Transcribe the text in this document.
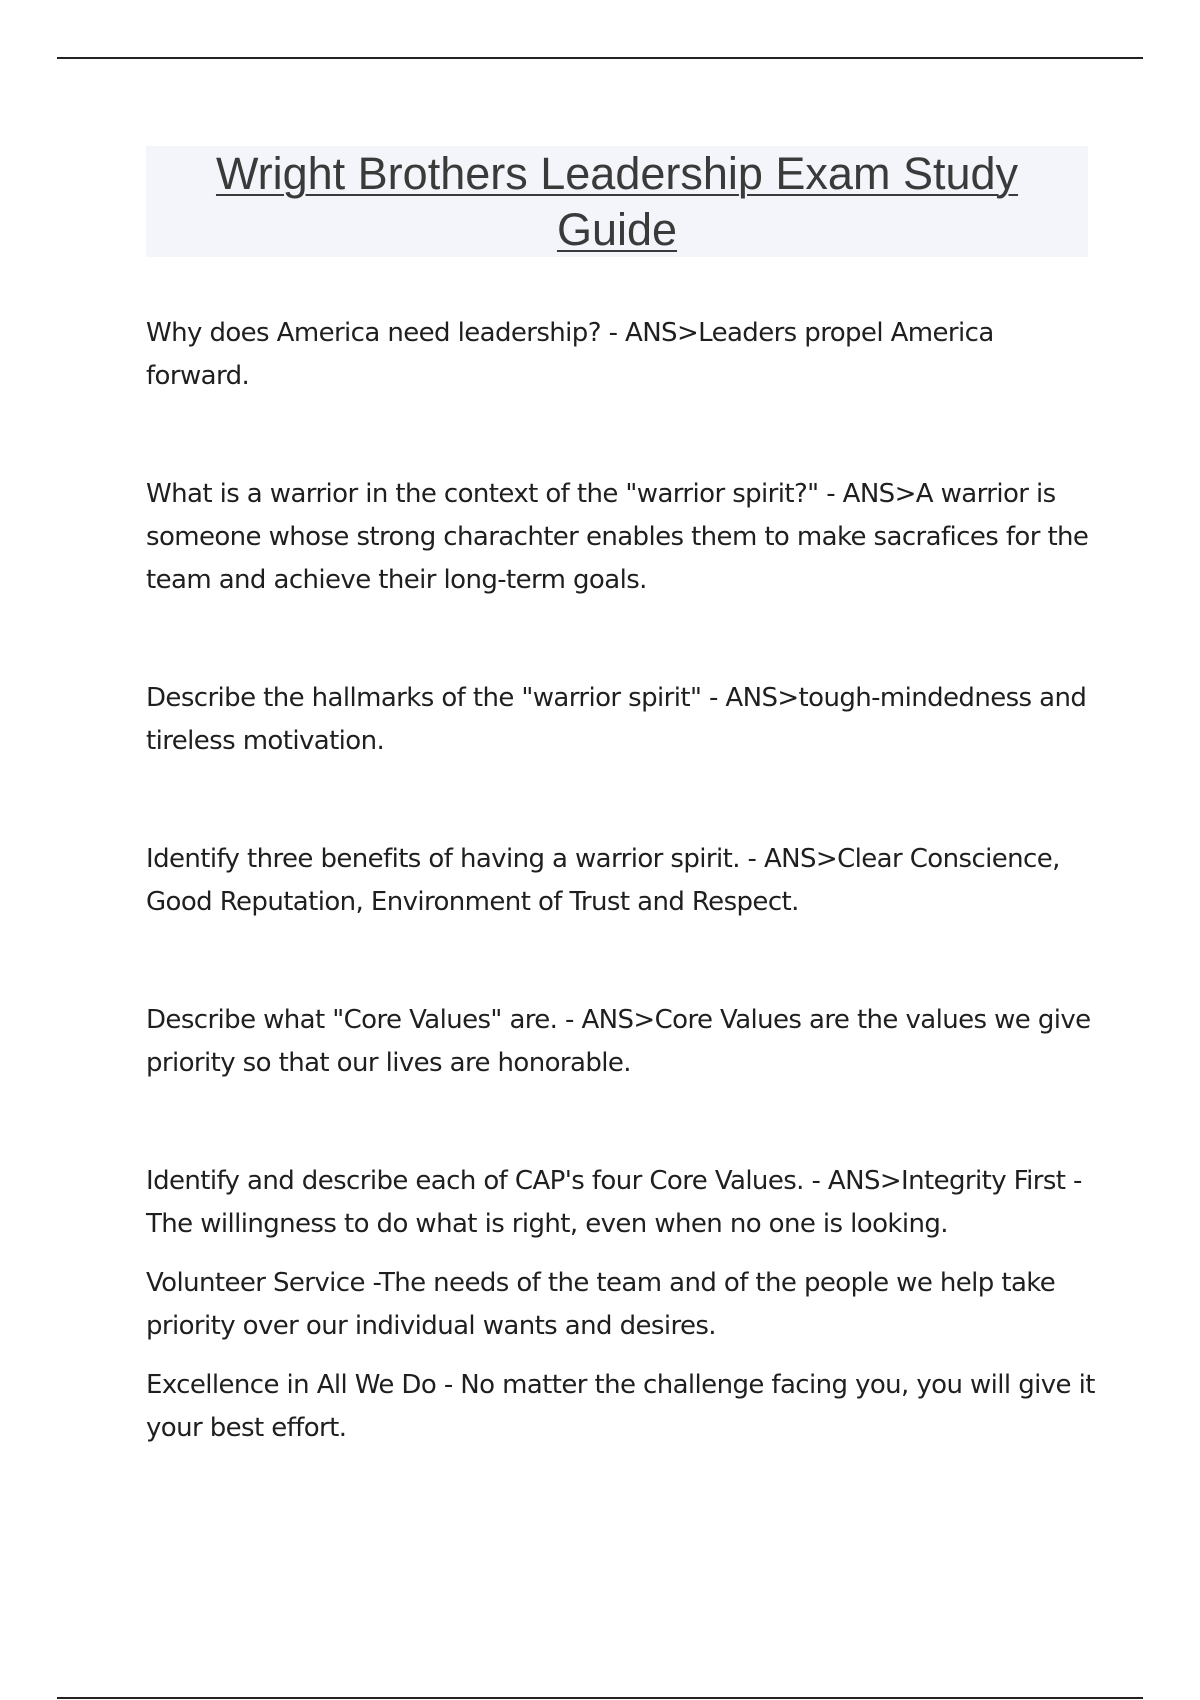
Wright Brothers Leadership Exam Study Guide

Why does America need leadership? - ANS>Leaders propel America forward.

What is a warrior in the context of the "warrior spirit?" - ANS>A warrior is someone whose strong charachter enables them to make sacrafices for the team and achieve their long-term goals.

Describe the hallmarks of the "warrior spirit" - ANS>tough-mindedness and tireless motivation.

Identify three benefits of having a warrior spirit. - ANS>Clear Conscience, Good Reputation, Environment of Trust and Respect.

Describe what "Core Values" are. - ANS>Core Values are the values we give priority so that our lives are honorable.

Identify and describe each of CAP's four Core Values. - ANS>Integrity First - The willingness to do what is right, even when no one is looking.

Volunteer Service -The needs of the team and of the people we help take priority over our individual wants and desires.

Excellence in All We Do - No matter the challenge facing you, you will give it your best effort.
